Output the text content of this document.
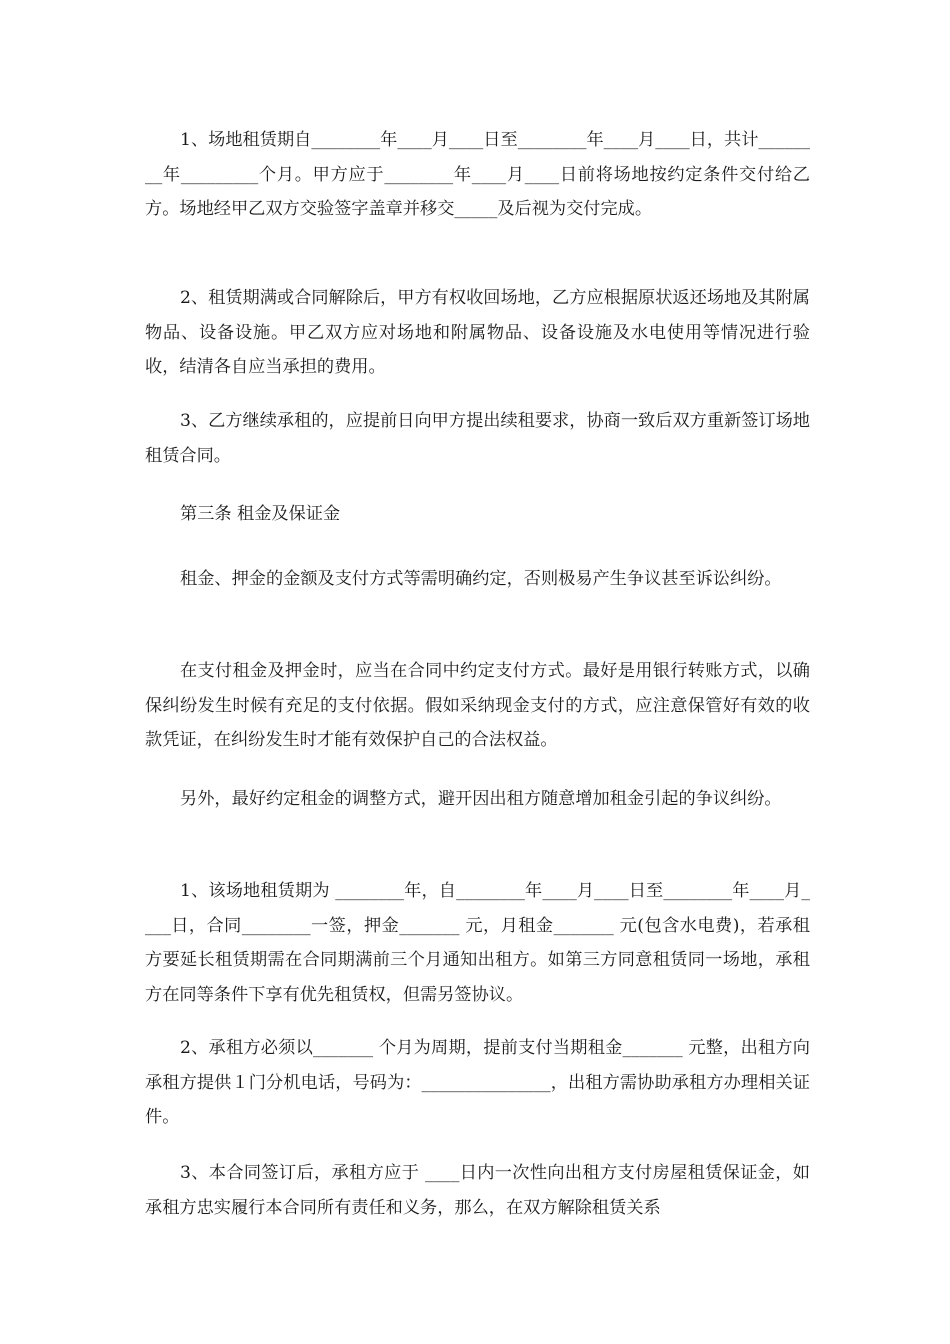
1、场地租赁期自________年____月____日至________年____月____日，共计________年_________个月。甲方应于________年____月____日前将场地按约定条件交付给乙方。场地经甲乙双方交验签字盖章并移交_____及后视为交付完成。

2、租赁期满或合同解除后，甲方有权收回场地，乙方应根据原状返还场地及其附属物品、设备设施。甲乙双方应对场地和附属物品、设备设施及水电使用等情况进行验收，结清各自应当承担的费用。

3、乙方继续承租的，应提前日向甲方提出续租要求，协商一致后双方重新签订场地租赁合同。

第三条 租金及保证金

租金、押金的金额及支付方式等需明确约定，否则极易产生争议甚至诉讼纠纷。

在支付租金及押金时，应当在合同中约定支付方式。最好是用银行转账方式，以确保纠纷发生时候有充足的支付依据。假如采纳现金支付的方式，应注意保管好有效的收款凭证，在纠纷发生时才能有效保护自己的合法权益。

另外，最好约定租金的调整方式，避开因出租方随意增加租金引起的争议纠纷。

1、该场地租赁期为 ________年，自________年____月____日至________年____月____日，合同________一签，押金_______ 元，月租金_______ 元(包含水电费)，若承租方要延长租赁期需在合同期满前三个月通知出租方。如第三方同意租赁同一场地，承租方在同等条件下享有优先租赁权，但需另签协议。

2、承租方必须以_______ 个月为周期，提前支付当期租金_______ 元整，出租方向承租方提供１门分机电话，号码为：_______________，出租方需协助承租方办理相关证件。

3、本合同签订后，承租方应于 ____日内一次性向出租方支付房屋租赁保证金，如承租方忠实履行本合同所有责任和义务，那么，在双方解除租赁关系
